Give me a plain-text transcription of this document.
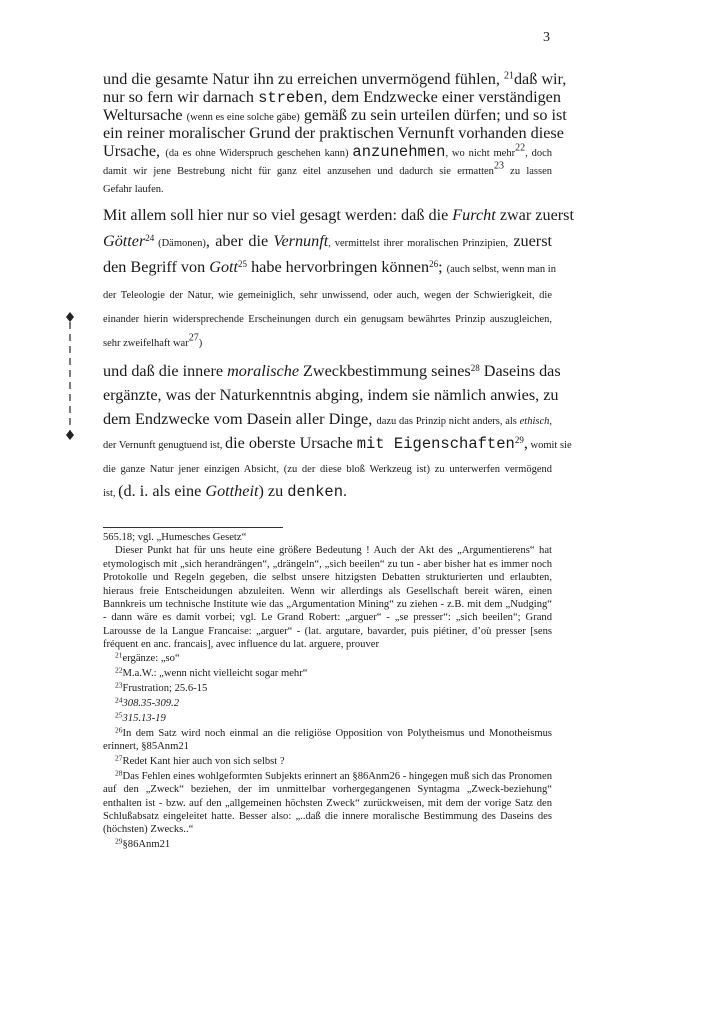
3
und die gesamte Natur ihn zu erreichen unvermögend fühlen, $^{21}$daß wir,
nur so fern wir darnach streben, dem Endzwecke einer verständigen
Weltursache (wenn es eine solche gäbe) gemäß zu sein urteilen dürfen; und so ist
ein reiner moralischer Grund der praktischen Vernunft vorhanden diese
Ursache, (da es ohne Widerspruch geschehen kann) anzunehmen, wo nicht mehr$^{22}$, doch
damit wir jene Bestrebung nicht für ganz eitel anzusehen und dadurch sie ermatten$^{23}$ zu lassen
Gefahr laufen.
Mit allem soll hier nur so viel gesagt werden: daß die Furcht zwar zuerst
Götter$^{24}$ (Dämonen), aber die Vernunft, vermittelst ihrer moralischen Prinzipien, zuerst
den Begriff von Gott$^{25}$ habe hervorbringen können$^{26}$; (auch selbst, wenn man in
der Teleologie der Natur, wie gemeiniglich, sehr unwissend, oder auch, wegen der Schwierigkeit, die
einander hierin widersprechende Erscheinungen durch ein genugsam bewährtes Prinzip auszugleichen,
sehr zweifelhaft war$^{27}$)
und daß die innere moralische Zweckbestimmung seines$^{28}$ Daseins das
ergänzte, was der Naturkenntnis abging, indem sie nämlich anwies, zu
dem Endzwecke vom Dasein aller Dinge, dazu das Prinzip nicht anders, als ethisch,
der Vernunft genugtuend ist, die oberste Ursache mit Eigenschaften$^{29}$, womit sie
die ganze Natur jener einzigen Absicht, (zu der diese bloß Werkzeug ist) zu unterwerfen vermögend
ist, (d. i. als eine Gottheit) zu denken.

565.18; vgl. „Humesches Gesetz“

Dieser Punkt hat für uns heute eine größere Bedeutung ! Auch der Akt des „Argumentierens“ hat etymologisch mit „sich herandrängen“, „drängeln“, „sich beeilen“ zu tun - aber bisher hat es immer noch Protokolle und Regeln gegeben, die selbst unsere hitzigsten Debatten strukturierten und erlaubten, hieraus freie Entscheidungen abzuleiten. Wenn wir allerdings als Gesellschaft bereit wären, einen Bannkreis um technische Institute wie das „Argumentation Mining“ zu ziehen - z.B. mit dem „Nudging“ - dann wäre es damit vorbei; vgl. Le Grand Robert: „arguer“ - „se presser“: „sich beeilen“; Grand Larousse de la Langue Francaise: „arguer“ - (lat. argutare, bavarder, puis piétiner, d’où presser [sens fréquent en anc. francais], avec influence du lat. arguere, prouver

$^{21}$ergänze: „so“

$^{22}$M.a.W.: „wenn nicht vielleicht sogar mehr“

$^{23}$Frustration; 25.6-15

$^{24}$308.35-309.2

$^{25}$315.13-19

$^{26}$In dem Satz wird noch einmal an die religiöse Opposition von Polytheismus und Monotheismus erinnert, §85Anm21

$^{27}$Redet Kant hier auch von sich selbst ?

$^{28}$Das Fehlen eines wohlgeformten Subjekts erinnert an §86Anm26 - hingegen muß sich das Pronomen auf den „Zweck“ beziehen, der im unmittelbar vorhergegangenen Syntagma „Zweck-beziehung“ enthalten ist - bzw. auf den „allgemeinen höchsten Zweck“ zurückweisen, mit dem der vorige Satz den Schlußabsatz eingeleitet hatte. Besser also: „..daß die innere moralische Bestimmung des Daseins des (höchsten) Zwecks..“

$^{29}$§86Anm21
